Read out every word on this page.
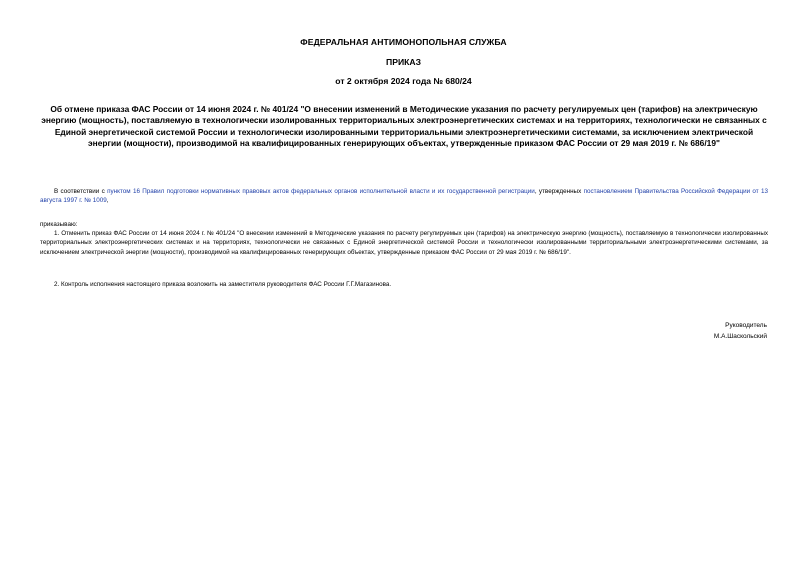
ФЕДЕРАЛЬНАЯ АНТИМОНОПОЛЬНАЯ СЛУЖБА
ПРИКАЗ
от 2 октября 2024 года № 680/24
Об отмене приказа ФАС России от 14 июня 2024 г. № 401/24 "О внесении изменений в Методические указания по расчету регулируемых цен (тарифов) на электрическую энергию (мощность), поставляемую в технологически изолированных территориальных электроэнергетических системах и на территориях, технологически не связанных с Единой энергетической системой России и технологически изолированными территориальными электроэнергетическими системами, за исключением электрической энергии (мощности), производимой на квалифицированных генерирующих объектах, утвержденные приказом ФАС России от 29 мая 2019 г. № 686/19"
В соответствии с пунктом 16 Правил подготовки нормативных правовых актов федеральных органов исполнительной власти и их государственной регистрации, утвержденных постановлением Правительства Российской Федерации от 13 августа 1997 г. № 1009,
приказываю:
1. Отменить приказ ФАС России от 14 июня 2024 г. № 401/24 "О внесении изменений в Методические указания по расчету регулируемых цен (тарифов) на электрическую энергию (мощность), поставляемую в технологически изолированных территориальных электроэнергетических системах и на территориях, технологически не связанных с Единой энергетической системой России и технологически изолированными территориальными электроэнергетическими системами, за исключением электрической энергии (мощности), производимой на квалифицированных генерирующих объектах, утвержденные приказом ФАС России от 29 мая 2019 г. № 686/19".
2. Контроль исполнения настоящего приказа возложить на заместителя руководителя ФАС России Г.Г.Магазинова.
Руководитель
М.А.Шаскольский
